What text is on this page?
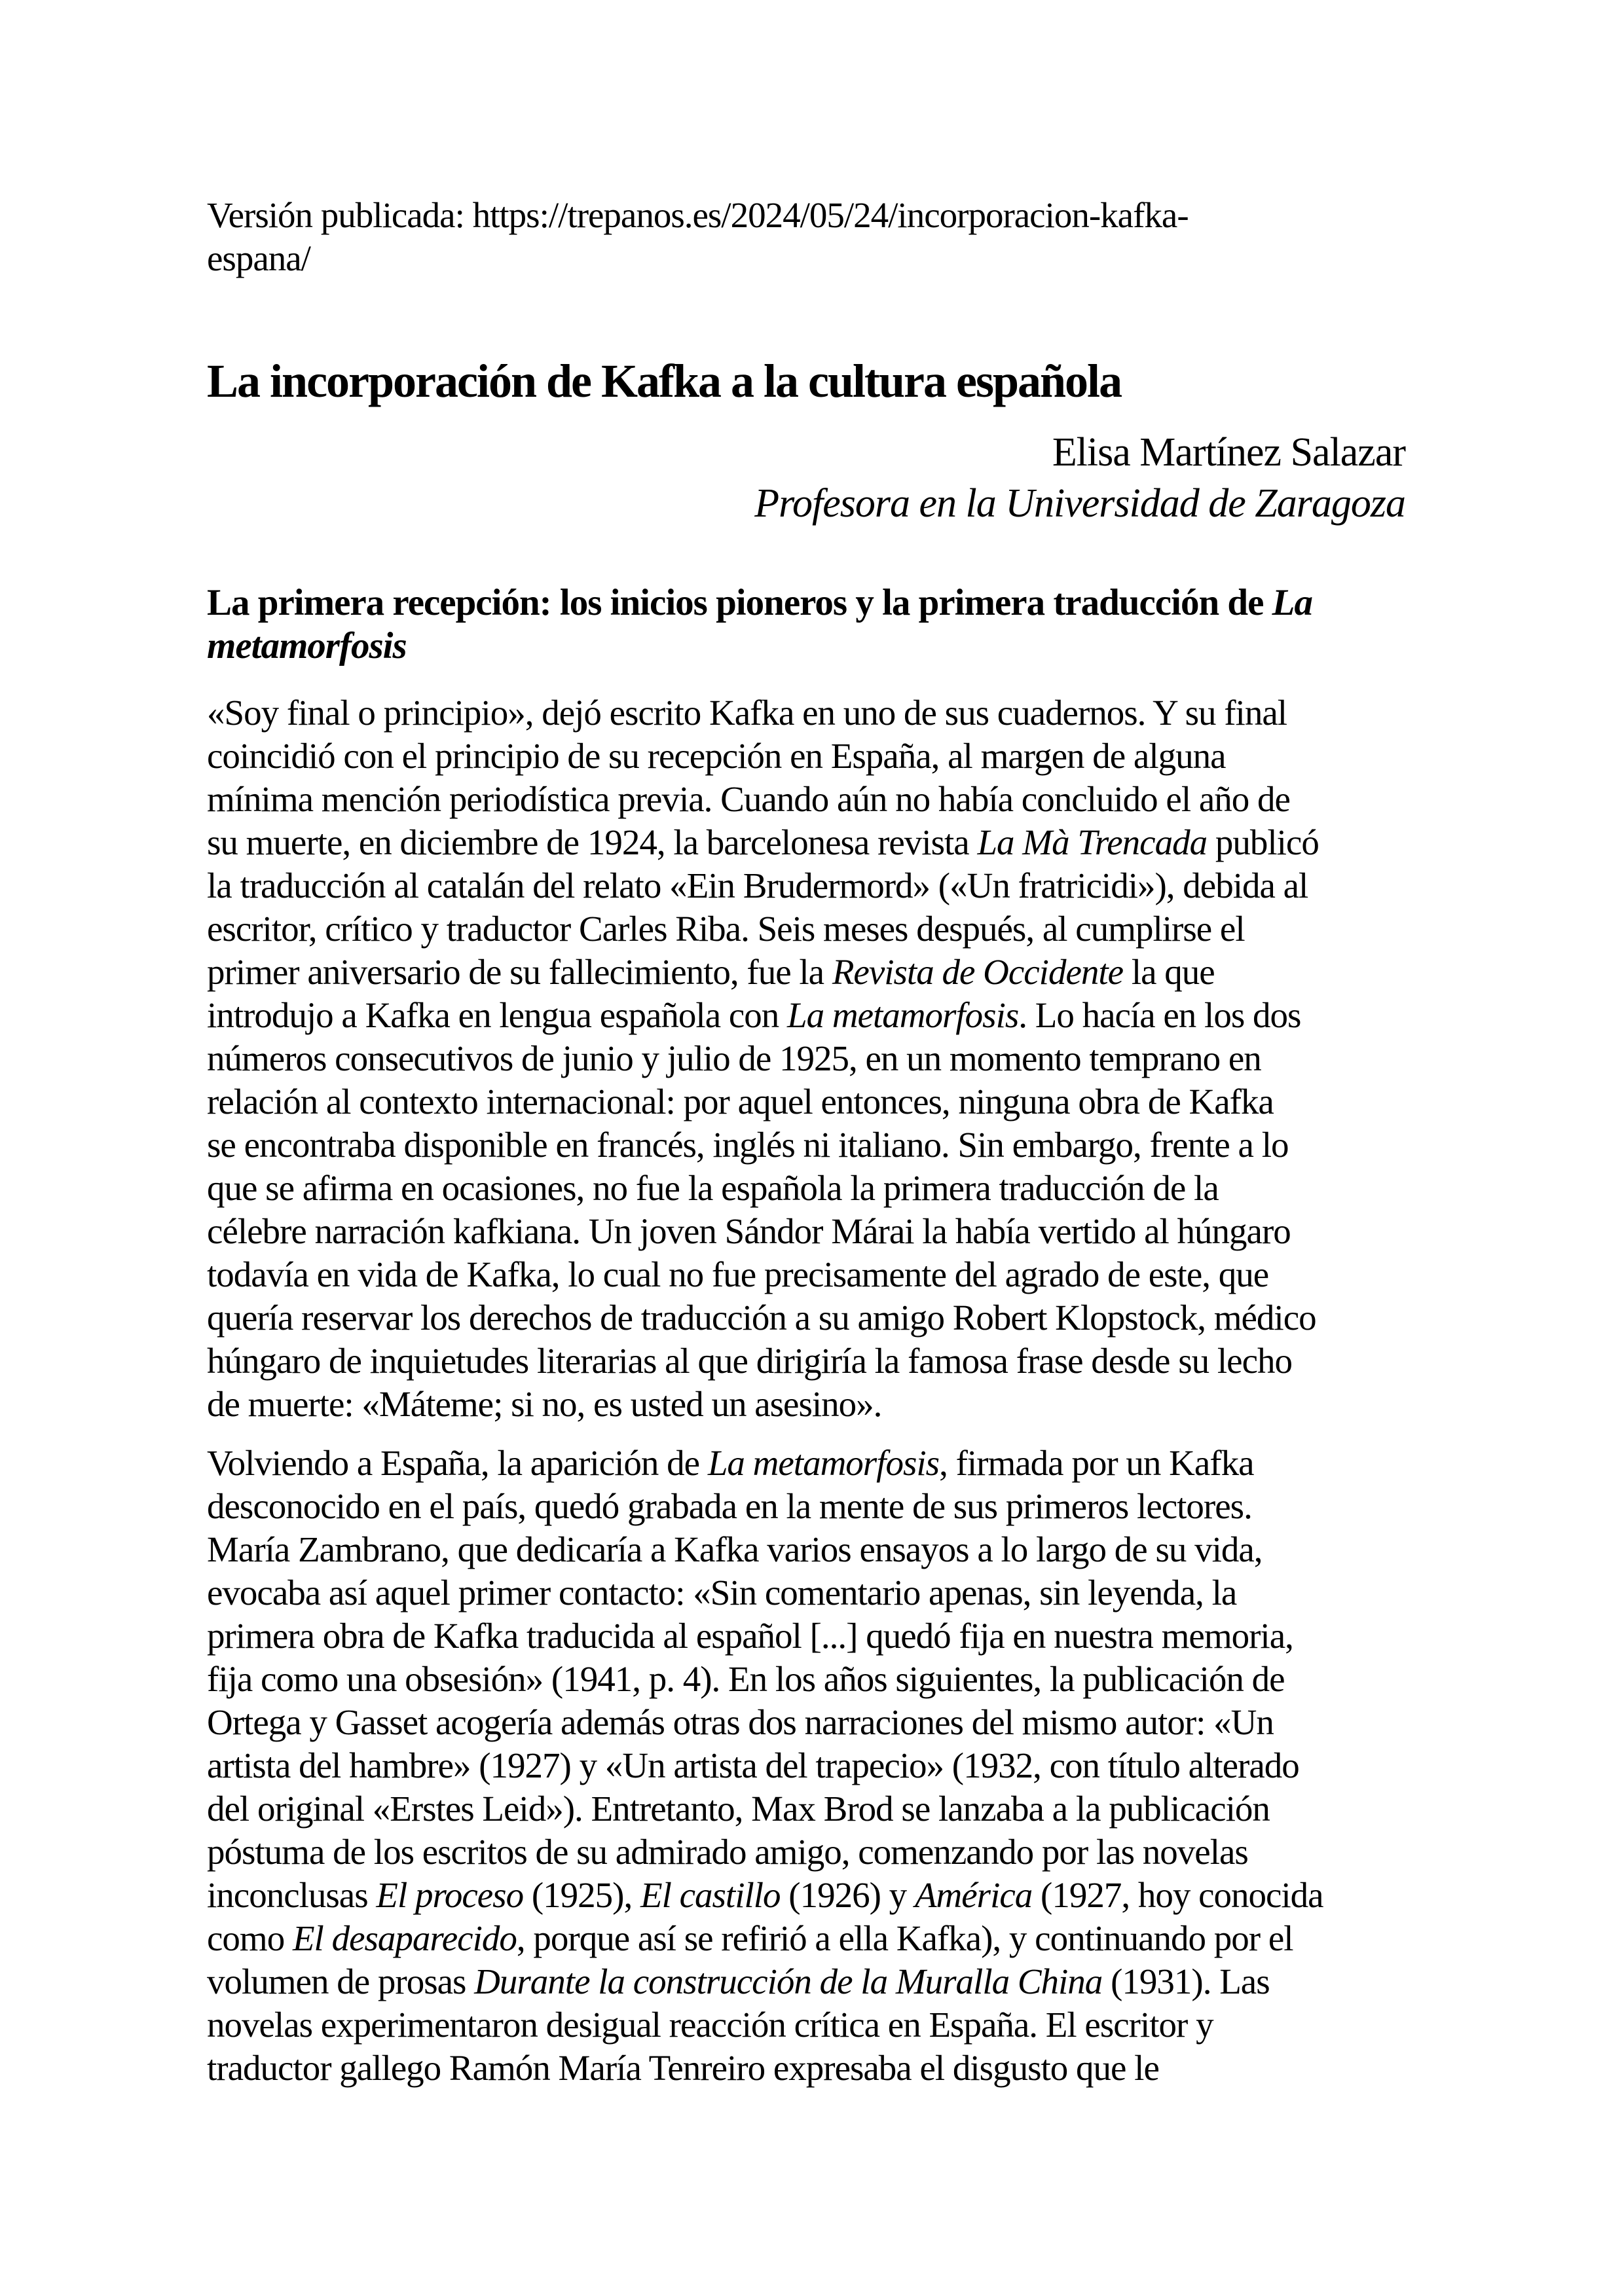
Versión publicada: https://trepanos.es/2024/05/24/incorporacion-kafka-
espana/
La incorporación de Kafka a la cultura española
Elisa Martínez Salazar
Profesora en la Universidad de Zaragoza
La primera recepción: los inicios pioneros y la primera traducción de La
metamorfosis
«Soy final o principio», dejó escrito Kafka en uno de sus cuadernos. Y su final
coincidió con el principio de su recepción en España, al margen de alguna
mínima mención periodística previa. Cuando aún no había concluido el año de
su muerte, en diciembre de 1924, la barcelonesa revista La Mà Trencada publicó
la traducción al catalán del relato «Ein Brudermord» («Un fratricidi»), debida al
escritor, crítico y traductor Carles Riba. Seis meses después, al cumplirse el
primer aniversario de su fallecimiento, fue la Revista de Occidente la que
introdujo a Kafka en lengua española con La metamorfosis. Lo hacía en los dos
números consecutivos de junio y julio de 1925, en un momento temprano en
relación al contexto internacional: por aquel entonces, ninguna obra de Kafka
se encontraba disponible en francés, inglés ni italiano. Sin embargo, frente a lo
que se afirma en ocasiones, no fue la española la primera traducción de la
célebre narración kafkiana. Un joven Sándor Márai la había vertido al húngaro
todavía en vida de Kafka, lo cual no fue precisamente del agrado de este, que
quería reservar los derechos de traducción a su amigo Robert Klopstock, médico
húngaro de inquietudes literarias al que dirigiría la famosa frase desde su lecho
de muerte: «Máteme; si no, es usted un asesino».
Volviendo a España, la aparición de La metamorfosis, firmada por un Kafka
desconocido en el país, quedó grabada en la mente de sus primeros lectores.
María Zambrano, que dedicaría a Kafka varios ensayos a lo largo de su vida,
evocaba así aquel primer contacto: «Sin comentario apenas, sin leyenda, la
primera obra de Kafka traducida al español [...] quedó fija en nuestra memoria,
fija como una obsesión» (1941, p. 4). En los años siguientes, la publicación de
Ortega y Gasset acogería además otras dos narraciones del mismo autor: «Un
artista del hambre» (1927) y «Un artista del trapecio» (1932, con título alterado
del original «Erstes Leid»). Entretanto, Max Brod se lanzaba a la publicación
póstuma de los escritos de su admirado amigo, comenzando por las novelas
inconclusas El proceso (1925), El castillo (1926) y América (1927, hoy conocida
como El desaparecido, porque así se refirió a ella Kafka), y continuando por el
volumen de prosas Durante la construcción de la Muralla China (1931). Las
novelas experimentaron desigual reacción crítica en España. El escritor y
traductor gallego Ramón María Tenreiro expresaba el disgusto que le
